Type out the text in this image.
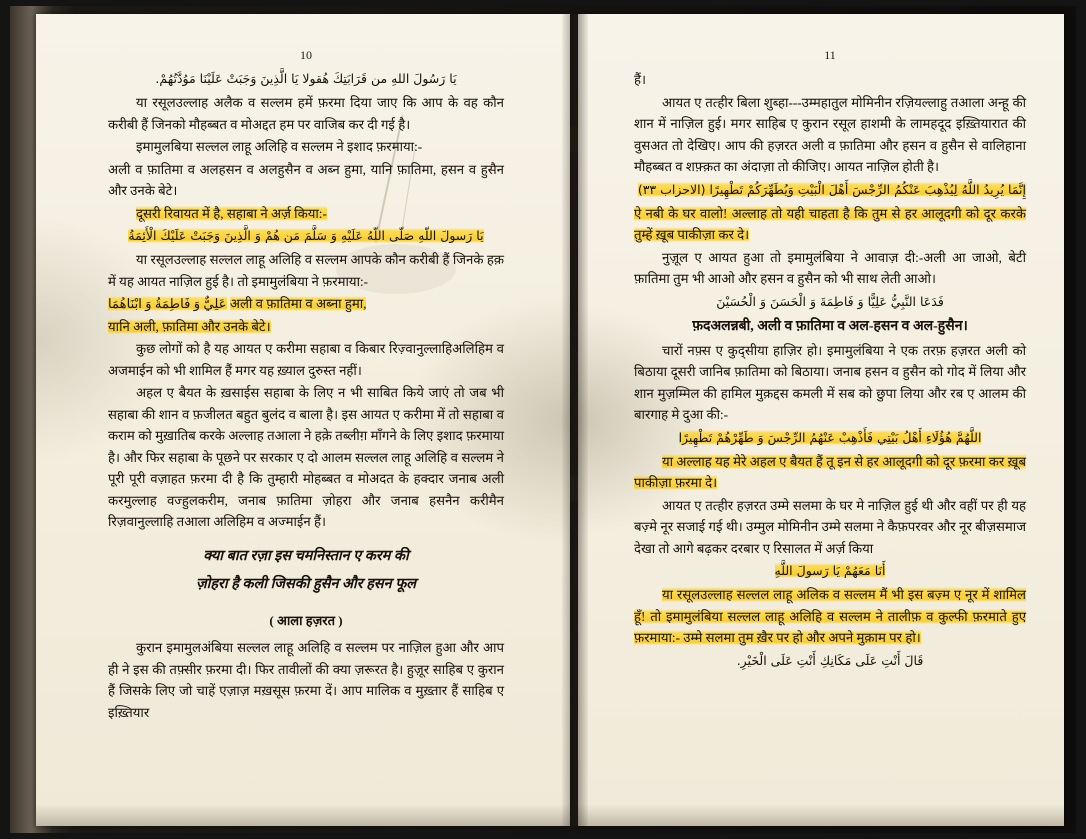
10
يَا رَسُولَ اللهِ من قَرَابَتِكَ هُقولا يَا الَّذِينَ وَجَبَتْ عَلَيْنَا مَوُدَّتُهُمْ.

या रसूलउल्लाह अलैक व सल्लम हमें फ़रमा दिया जाए कि आप के वह कौन करीबी हैं जिनको मौहब्बत व मोअद्दत हम पर वाजिब कर दी गई है।

इमामुलबिया सल्लल लाहू अलिहि व सल्लम ने इशाद फ़रमाया:-

अली व फ़ातिमा व अलहसन व अलहुसैन व अब्न हुमा, यानि फ़ातिमा, हसन व हुसैन और उनके बेटे।

दूसरी रिवायत में है, सहाबा ने अर्ज़ किया:-

يَا رَسولَ اللّهِ صَلّى اللّهُ عَلَيْهِ وَ سَلَّمَ مَن هُمْ وَ الَّذِينَ وَجَبَتْ عَلَيْكَ الْأَئِمَةُ

या रसूलउल्लाह सल्लल लाहू अलिहि व सल्लम आपके कौन करीबी हैं जिनके हक़ में यह आयत नाज़िल हुई है। तो इमामुलंबिया ने फ़रमाया:-

عَلِيٌّ وَ فَاطِمَةُ وَ ابْنَاهُمَا अली व फ़ातिमा व अब्ना हुमा,

यानि अली, फ़ातिमा और उनके बेटे।

कुछ लोगों को है यह आयत ए करीमा सहाबा व किबार रिज़्वानुल्लाहिअलिहिम व अजमाईन को भी शामिल हैं मगर यह ख़्याल दुरुस्त नहीं।

अहल ए बैयत के ख़साईस सहाबा के लिए न भी साबित किये जाएं तो जब भी सहाबा की शान व फ़जीलत बहुत बुलंद व बाला है। इस आयत ए करीमा में तो सहाबा व कराम को मुख़ातिब करके अल्लाह तआला ने हक़े तब्लीग़ माँगने के लिए इशाद फ़रमाया है। और फिर सहाबा के पूछने पर सरकार ए दो आलम सल्लल लाहू अलिहि व सल्लम ने पूरी पूरी वज़ाहत फ़रमा दी है कि तुम्हारी मोहब्बत व मोअदत के हक्दार जनाब अली करमुल्लाह वज्हुलकरीम, जनाब फ़ातिमा ज़ोहरा और जनाब हसनैन करीमैन रिज़वानुल्लाहि तआला अलिहिम व अज्माईन हैं।

क्या बात रज़ा इस चमनिस्तान ए करम की

ज़ोहरा है कली जिसकी हुसैन और हसन फूल

( आला हज़रत )

कुरान इमामुलअंबिया सल्लल लाहू अलिहि व सल्लम पर नाज़िल हुआ और आप ही ने इस की तफ़्सीर फ़रमा दी। फिर तावीलों की क्या ज़रूरत है। हुज़ूर साहिब ए कुरान हैं जिसके लिए जो चाहें एज़ाज़ मख़सूस फ़रमा दें। आप मालिक व मुख़्तार हैं साहिब ए इख़्तियार

11

हैं।

आयत ए तत्हीर बिला शुब्हा---उम्महातुल मोमिनीन रज़ियल्लाहु तआला अन्हू की शान में नाज़िल हुई। मगर साहिब ए कुरान रसूल हाशमी के लामहदूद इख़्तियारात की वुसअत तो देखिए। आप की हज़रत अली व फ़ातिमा और हसन व हुसैन से वालिहाना मौहब्बत व शफ़्क़त का अंदाज़ा तो कीजिए। आयत नाज़िल होती है।

إِنَّمَا يُرِيدُ اللَّهُ لِيُذْهِبَ عَنْكُمُ الرِّجْسَ أَهْلَ الْبَيْتِ وَيُطَهِّرَكُمْ تَطْهِيرًا (الاحزاب ٣٣)

ऐ नबी के घर वालो! अल्लाह तो यही चाहता है कि तुम से हर आलूदगी को दूर करके तुम्हें ख़ूब पाकीज़ा कर दे।

नुज़ूल ए आयत हुआ तो इमामुलंबिया ने आवाज़ दी:-अली आ जाओ, बेटी फ़ातिमा तुम भी आओ और हसन व हुसैन को भी साथ लेती आओ।

فَدَعَا النَّبِيُّ عَلِيًّا وَ فَاطِمَةَ وَ الْحَسَنَ وَ الْحُسَيْنَ

फ़दअलन्नबी, अली व फ़ातिमा व अल-हसन व अल-हुसैन।

चारों नफ़्स ए कुद्सीया हाज़िर हो। इमामुलंबिया ने एक तरफ़ हज़रत अली को बिठाया दूसरी जानिब फ़ातिमा को बिठाया। जनाब हसन व हुसैन को गोद में लिया और शान मुज़म्मिल की हामिल मुक़द्दस कमली में सब को छुपा लिया और रब ए आलम की बारगाह मे दुआ की:-

اللَّهُمَّ هُؤُلَاءِ أَهْلُ بَيْتِي فَأَذْهِبْ عَنْهُمُ الرِّجْسَ وَ طَهِّرْهُمْ تَطْهِيرًا

या अल्लाह यह मेरे अहल ए बैयत हैं तू इन से हर आलूदगी को दूर फ़रमा कर ख़ूब पाकीज़ा फ़रमा दे।

आयत ए तत्हीर हज़रत उम्मे सलमा के घर मे नाज़िल हुई थी और वहीं पर ही यह बज़्मे नूर सजाई गई थी। उम्मुल मोमिनीन उम्मे सलमा ने कैफ़परवर और नूर बीज़समाज देखा तो आगे बढ़कर दरबार ए रिसालत में अर्ज़ किया

أَنَا مَعَهُمْ يَا رَسولَ اللَّهِ

या रसूलउल्लाह सल्लल लाहू अलिक व सल्लम मैं भी इस बज़्म ए नूर में शामिल हूँ! तो इमामुलंबिया सल्लल लाहू अलिहि व सल्लम ने तालीफ़ व कुल्फी फ़रमाते हुए फ़रमाया:- उम्मे सलमा तुम ख़ैर पर हो और अपने मुक़ाम पर हो।

قَالَ أَنْتِ عَلَى مَكَانِكِ أَنْتِ عَلَى الْخَيْرِ.
